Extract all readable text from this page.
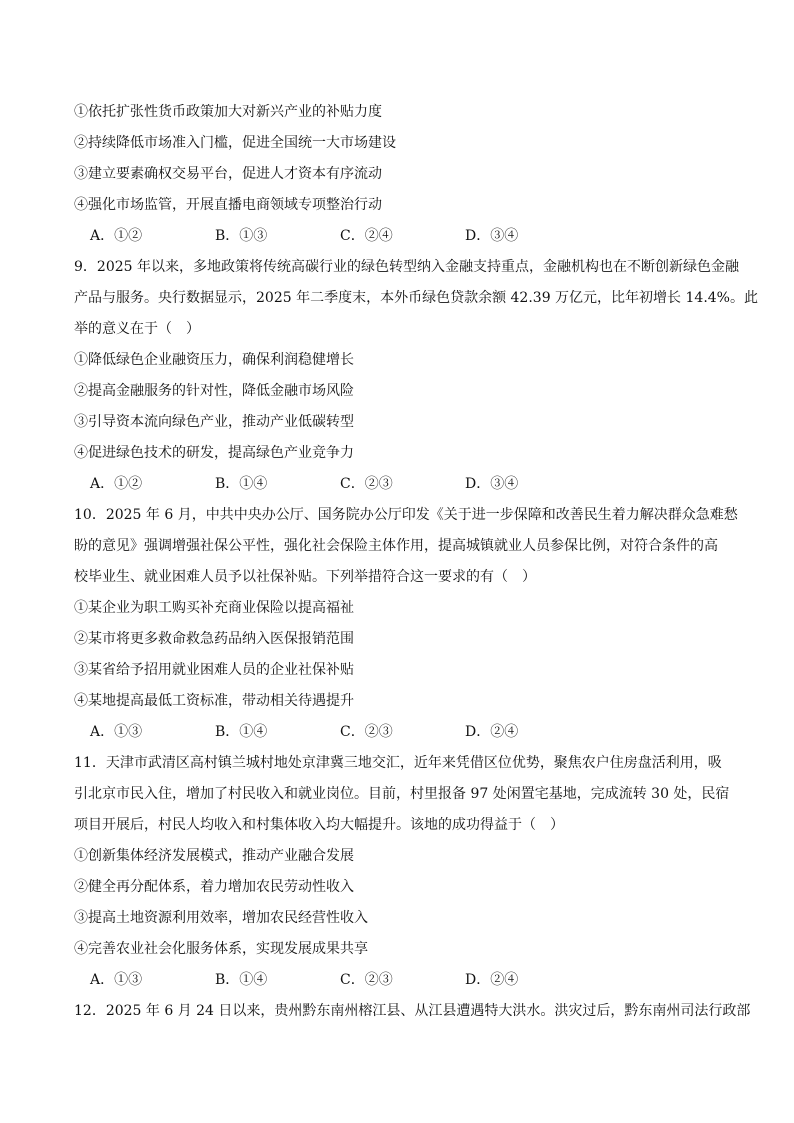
①依托扩张性货币政策加大对新兴产业的补贴力度
②持续降低市场准入门槛，促进全国统一大市场建设
③建立要素确权交易平台，促进人才资本有序流动
④强化市场监管，开展直播电商领域专项整治行动
A．①②	B．①③	C．②④	D．③④
9．2025 年以来，多地政策将传统高碳行业的绿色转型纳入金融支持重点，金融机构也在不断创新绿色金融
产品与服务。央行数据显示，2025 年二季度末，本外币绿色贷款余额 42.39 万亿元，比年初增长 14.4%。此
举的意义在于（　）
①降低绿色企业融资压力，确保利润稳健增长
②提高金融服务的针对性，降低金融市场风险
③引导资本流向绿色产业，推动产业低碳转型
④促进绿色技术的研发，提高绿色产业竞争力
A．①②	B．①④	C．②③	D．③④
10．2025 年 6 月，中共中央办公厅、国务院办公厅印发《关于进一步保障和改善民生着力解决群众急难愁
盼的意见》强调增强社保公平性，强化社会保险主体作用，提高城镇就业人员参保比例，对符合条件的高
校毕业生、就业困难人员予以社保补贴。下列举措符合这一要求的有（　）
①某企业为职工购买补充商业保险以提高福祉
②某市将更多救命救急药品纳入医保报销范围
③某省给予招用就业困难人员的企业社保补贴
④某地提高最低工资标准，带动相关待遇提升
A．①③	B．①④	C．②③	D．②④
11．天津市武清区高村镇兰城村地处京津冀三地交汇，近年来凭借区位优势，聚焦农户住房盘活利用，吸
引北京市民入住，增加了村民收入和就业岗位。目前，村里报备 97 处闲置宅基地，完成流转 30 处，民宿
项目开展后，村民人均收入和村集体收入均大幅提升。该地的成功得益于（　）
①创新集体经济发展模式，推动产业融合发展
②健全再分配体系，着力增加农民劳动性收入
③提高土地资源利用效率，增加农民经营性收入
④完善农业社会化服务体系，实现发展成果共享
A．①③	B．①④	C．②③	D．②④
12．2025 年 6 月 24 日以来，贵州黔东南州榕江县、从江县遭遇特大洪水。洪灾过后，黔东南州司法行政部
